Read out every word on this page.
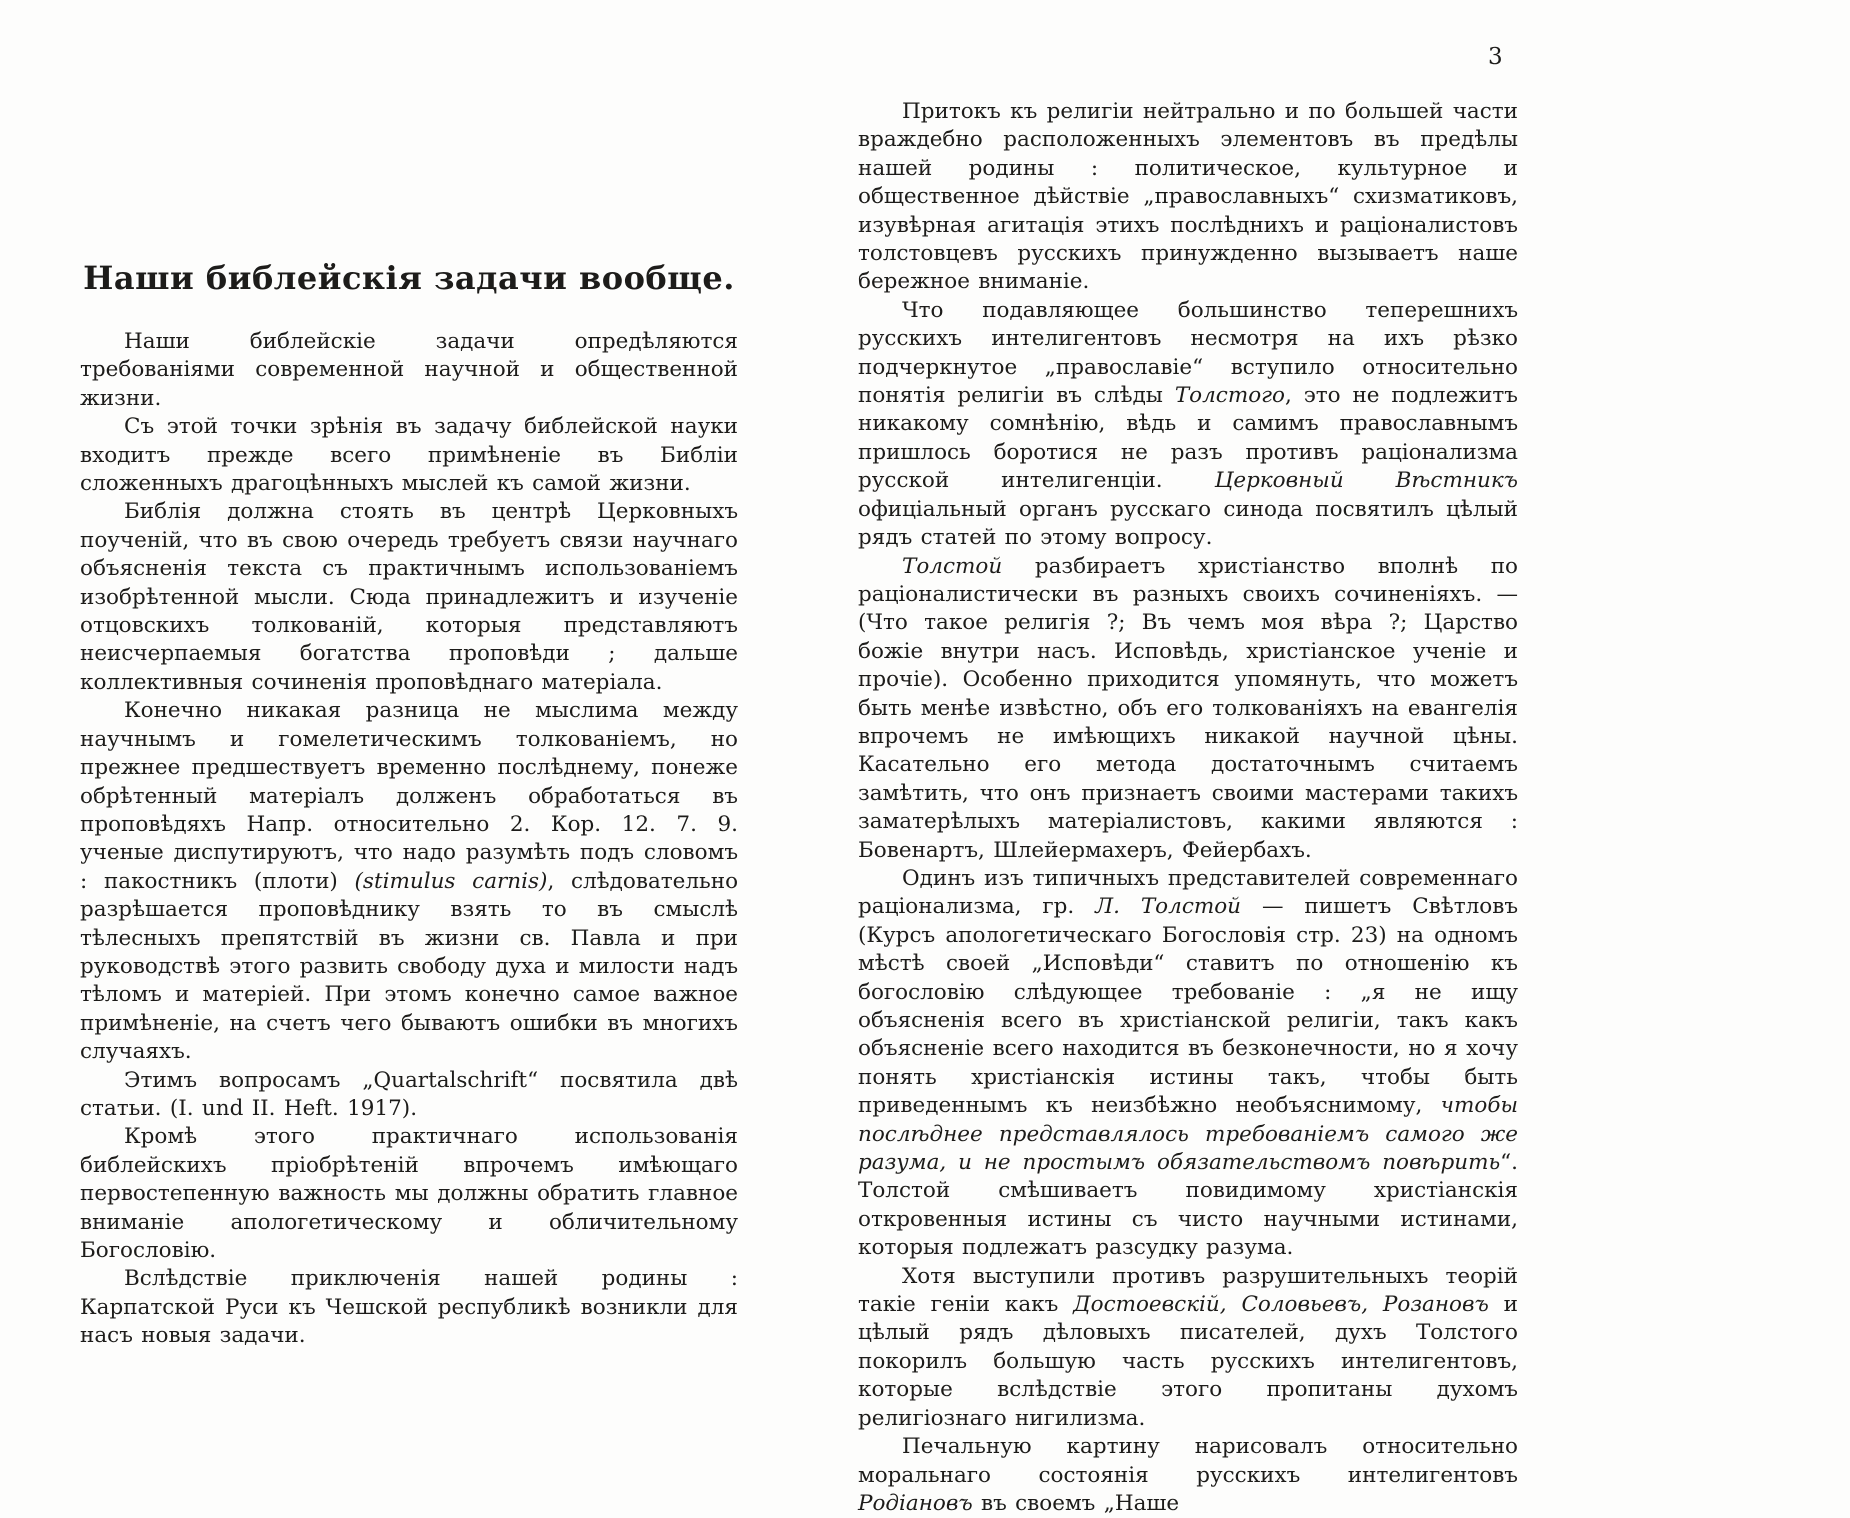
3
Наши библейскія задачи вообще.

Наши библейскіе задачи опредѣляются требованіями современной научной и общественной жизни.

Съ этой точки зрѣнія въ задачу библейской науки входитъ прежде всего примѣненіе въ Библіи сложенныхъ драгоцѣнныхъ мыслей къ самой жизни.

Библія должна стоять въ центрѣ Церковныхъ поученій, что въ свою очередь требуетъ связи научнаго объясненія текста съ практичнымъ использованіемъ изобрѣтенной мысли. Сюда принадлежитъ и изученіе отцовскихъ толкованій, которыя представляютъ неисчерпаемыя богатства проповѣди ; дальше коллективныя сочиненія проповѣднаго матеріала.

Конечно никакая разница не мыслима между научнымъ и гомелетическимъ толкованіемъ, но прежнее предшествуетъ временно послѣднему, понеже обрѣтенный матеріалъ долженъ обработаться въ проповѣдяхъ Напр. относительно 2. Кор. 12. 7. 9. ученые диспутируютъ, что надо разумѣть подъ словомъ : пакостникъ (плоти) (stimulus carnis), слѣдовательно разрѣшается проповѣднику взять то въ смыслѣ тѣлесныхъ препятствій въ жизни св. Павла и при руководствѣ этого развить свободу духа и милости надъ тѣломъ и матеріей. При этомъ конечно самое важное примѣненіе, на счетъ чего бываютъ ошибки въ многихъ случаяхъ.

Этимъ вопросамъ „Quartalschrift“ посвятила двѣ статьи. (I. und II. Heft. 1917).

Кромѣ этого практичнаго использованія библейскихъ пріобрѣтеній впрочемъ имѣющаго первостепенную важность мы должны обратить главное вниманіе апологетическому и обличительному Богословію.

Вслѣдствіе приключенія нашей родины : Карпатской Руси къ Чешской республикѣ возникли для насъ новыя задачи.

Притокъ къ религіи нейтрально и по большей части враждебно расположенныхъ элементовъ въ предѣлы нашей родины : политическое, культурное и общественное дѣйствіе „православныхъ“ схизматиковъ, изувѣрная агитація этихъ послѣднихъ и раціоналистовъ толстовцевъ русскихъ принужденно вызываетъ наше бережное вниманіе.

Что подавляющее большинство теперешнихъ русскихъ интелигентовъ несмотря на ихъ рѣзко подчеркнутое „православіе“ вступило относительно понятія религіи въ слѣды Толстого, это не подлежитъ никакому сомнѣнію, вѣдь и самимъ православнымъ пришлось боротися не разъ противъ раціонализма русской интелигенціи. Церковный Вѣстникъ офиціальный органъ русскаго синода посвятилъ цѣлый рядъ статей по этому вопросу.

Толстой разбираетъ христіанство вполнѣ по раціоналистически въ разныхъ своихъ сочиненіяхъ. — (Что такое религія ?; Въ чемъ моя вѣра ?; Царство божіе внутри насъ. Исповѣдь, христіанское ученіе и прочіе). Особенно приходится упомянуть, что можетъ быть менѣе извѣстно, объ его толкованіяхъ на евангелія впрочемъ не имѣющихъ никакой научной цѣны. Касательно его метода достаточнымъ считаемъ замѣтить, что онъ признаетъ своими мастерами такихъ заматерѣлыхъ матеріалистовъ, какими являются : Бовенартъ, Шлейермахеръ, Фейербахъ.

Одинъ изъ типичныхъ представителей современнаго раціонализма, гр. Л. Толстой — пишетъ Свѣтловъ (Курсъ апологетическаго Богословія стр. 23) на одномъ мѣстѣ своей „Исповѣди“ ставитъ по отношенію къ богословію слѣдующее требованіе : „я не ищу объясненія всего въ христіанской религіи, такъ какъ объясненіе всего находится въ безконечности, но я хочу понять христіанскія истины такъ, чтобы быть приведеннымъ къ неизбѣжно необъяснимому, чтобы послѣднее представлялось требованіемъ самого же разума, и не простымъ обязательствомъ повѣрить“. Толстой смѣшиваетъ повидимому христіанскія откровенныя истины съ чисто научными истинами, которыя подлежатъ разсудку разума.

Хотя выступили противъ разрушительныхъ теорій такіе геніи какъ Достоевскій, Соловьевъ, Розановъ и цѣлый рядъ дѣловыхъ писателей, духъ Толстого покорилъ большую часть русскихъ интелигентовъ, которые вслѣдствіе этого пропитаны духомъ религіознаго нигилизма.

Печальную картину нарисовалъ относительно моральнаго состоянія русскихъ интелигентовъ Родіановъ въ своемъ „Наше
